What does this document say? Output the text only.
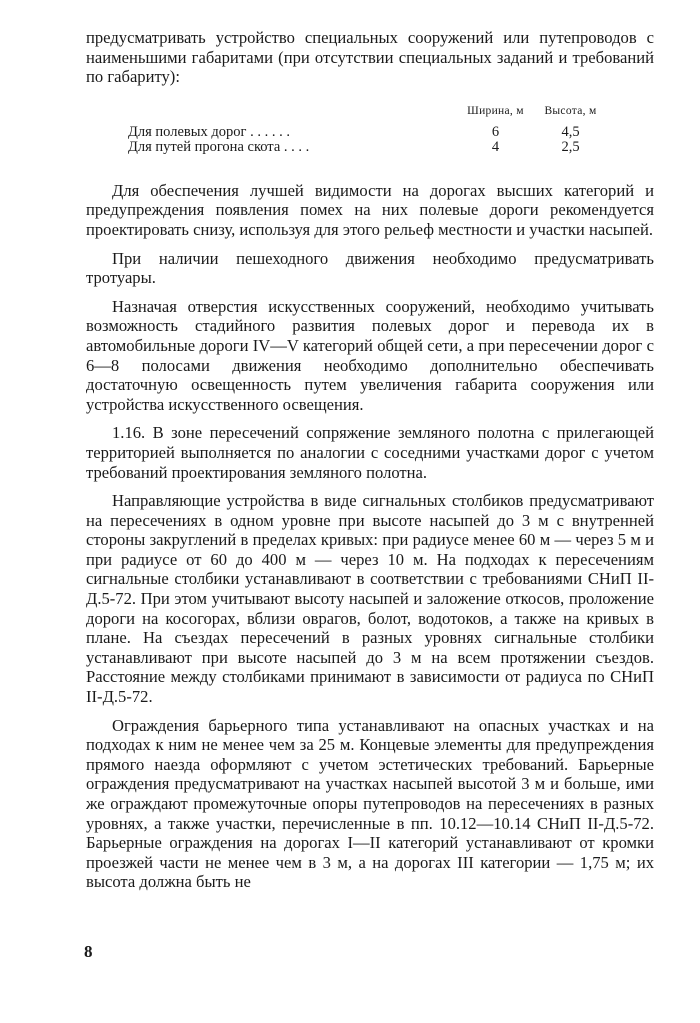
предусматривать устройство специальных сооружений или путепроводов с наименьшими габаритами (при отсутствии специальных заданий и требований по габариту):

	Ширина, м	Высота, м
Для полевых дорог . . . . . .	6	4,5
Для путей прогона скота . . . .	4	2,5

Для обеспечения лучшей видимости на дорогах высших категорий и предупреждения появления помех на них полевые дороги рекомендуется проектировать снизу, используя для этого рельеф местности и участки насыпей.

При наличии пешеходного движения необходимо предусматривать тротуары.

Назначая отверстия искусственных сооружений, необходимо учитывать возможность стадийного развития полевых дорог и перевода их в автомобильные дороги IV—V категорий общей сети, а при пересечении дорог с 6—8 полосами движения необходимо дополнительно обеспечивать достаточную освещенность путем увеличения габарита сооружения или устройства искусственного освещения.

1.16. В зоне пересечений сопряжение земляного полотна с прилегающей территорией выполняется по аналогии с соседними участками дорог с учетом требований проектирования земляного полотна.

Направляющие устройства в виде сигнальных столбиков предусматривают на пересечениях в одном уровне при высоте насыпей до 3 м с внутренней стороны закруглений в пределах кривых: при радиусе менее 60 м — через 5 м и при радиусе от 60 до 400 м — через 10 м. На подходах к пересечениям сигнальные столбики устанавливают в соответствии с требованиями СНиП II-Д.5-72. При этом учитывают высоту насыпей и заложение откосов, проложение дороги на косогорах, вблизи оврагов, болот, водотоков, а также на кривых в плане. На съездах пересечений в разных уровнях сигнальные столбики устанавливают при высоте насыпей до 3 м на всем протяжении съездов. Расстояние между столбиками принимают в зависимости от радиуса по СНиП II-Д.5-72.

Ограждения барьерного типа устанавливают на опасных участках и на подходах к ним не менее чем за 25 м. Концевые элементы для предупреждения прямого наезда оформляют с учетом эстетических требований. Барьерные ограждения предусматривают на участках насыпей высотой 3 м и больше, ими же ограждают промежуточные опоры путепроводов на пересечениях в разных уровнях, а также участки, перечисленные в пп. 10.12—10.14 СНиП II-Д.5-72. Барьерные ограждения на дорогах I—II категорий устанавливают от кромки проезжей части не менее чем в 3 м, а на дорогах III категории — 1,75 м; их высота должна быть не

8
